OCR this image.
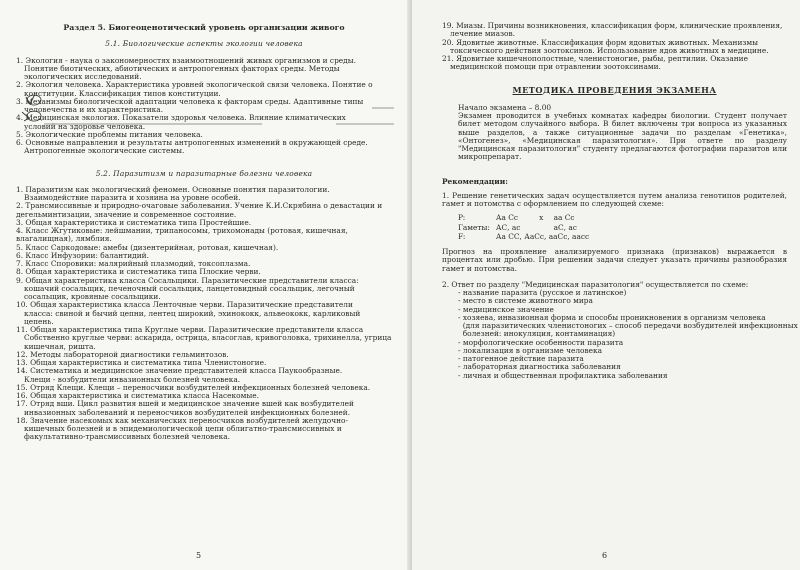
Раздел 5. Биогеоценотический уровень организации живого
5.1. Биологические аспекты экологии человека
1. Экология - наука о закономерностях взаимоотношений живых организмов и среды.
Понятие биотических, абиотических и антропогенных факторах среды. Методы экологических исследований.
2. Экология человека. Характеристика уровней экологической связи человека. Понятие о
конституции. Классификация типов конституции.
3. Механизмы биологической адаптации человека к факторам среды. Адаптивные типы
человечества и их характеристика.
4. Медицинская экология. Показатели здоровья человека. Влияние климатических
условий на здоровье человека.
5. Экологические проблемы питания человека.
6. Основные направления и результаты антропогенных изменений в окружающей среде.
Антропогенные экологические системы.
5.2. Паразитизм и паразитарные болезни человека
1. Паразитизм как экологический феномен. Основные понятия паразитологии.
Взаимодействие паразита и хозяина на уровне особей.
2. Трансмиссивные и природно-очаговые заболевания. Учение К.И.Скрябина о девастации и дегельминтизации, значение и современное состояние.
3. Общая характеристика и систематика типа Простейшие.
4. Класс Жгутиковые: лейшмании, трипаносомы, трихомонады (ротовая, кишечная, влагалищная), лямблия.
5. Класс Саркодовые: амебы (дизентерийная, ротовая, кишечная).
6. Класс Инфузории: балантидий.
7. Класс Споровики: малярийный плазмодий, токсоплазма.
8. Общая характеристика и систематика типа Плоские черви.
9. Общая характеристика класса Сосальщики. Паразитические представители класса:
кошачий сосальщик, печеночный сосальщик, ланцетовидный сосальщик, легочный сосальщик, кровяные сосальщики.
10. Общая характеристика класса Ленточные черви. Паразитические представители
класса: свиной и бычий цепни, лентец широкий, эхинококк, альвеококк, карликовый цепень.
11. Общая характеристика типа Круглые черви. Паразитические представители класса
Собственно круглые черви: аскарида, острица, власоглав, кривоголовка, трихинелла, угрица кишечная, ришта.
12. Методы лабораторной диагностики гельминтозов.
13. Общая характеристика и систематика типа Членистоногие.
14. Систематика и медицинское значение представителей класса Паукообразные.
Клещи - возбудители инвазионных болезней человека.
15. Отряд Клещи. Клещи – переносчики возбудителей инфекционных болезней человека.
16. Общая характеристика и систематика класса Насекомые.
17. Отряд вши. Цикл развития вшей и медицинское значение вшей как возбудителей
инвазионных заболеваний и переносчиков возбудителей инфекционных болезней.
18. Значение насекомых как механических переносчиков возбудителей желудочно-
кишечных болезней и в эпидемиологической цепи облигатно-трансмиссивных и факультативно-трансмиссивных болезней человека.
5
19. Миазы. Причины возникновения, классификация форм, клинические проявления,
лечение миазов.
20. Ядовитые животные. Классификация форм ядовитых животных. Механизмы
токсического действия зоотоксинов. Использование ядов животных в медицине.
21. Ядовитые кишечнополостные, членистоногие, рыбы, рептилии. Оказание
медицинской помощи при отравлении зоотоксинами.
МЕТОДИКА ПРОВЕДЕНИЯ ЭКЗАМЕНА
Начало экзамена – 8.00
Экзамен проводится в учебных комнатах кафедры биологии. Студент получает билет методом случайного выбора. В билет включены три вопроса из указанных выше разделов, а также ситуационные задачи по разделам «Генетика», «Онтогенез», «Медицинская паразитология». При ответе по разделу "Медицинская паразитология" студенту предлагаются фотографии паразитов или микропрепарат.
Рекомендации:
1. Решение генетических задач осуществляется путем анализа генотипов родителей, гамет и потомства с оформлением по следующей схеме:
P:	Аа Сс	x	аа Сс
Гаметы:	АС, ас		аС, ас
F:	Аа СС, АаСс, ааСс, аасс		
Прогноз на проявление анализируемого признака (признаков) выражается в процентах или дробью. При решении задачи следует указать причины разнообразия гамет и потомства.
2. Ответ по разделу "Медицинская паразитология" осуществляется по схеме:
- название паразита (русское и латинское)
- место в системе животного мира
- медицинское значение
- хозяева, инвазионная форма и способы проникновения в организм человека
(для паразитических членистоногих – способ передачи возбудителей инфекционных
болезней: инокуляция, контаминация)
- морфологические особенности паразита
- локализация в организме человека
- патогенное действие паразита
- лабораторная диагностика заболевания
- личная и общественная профилактика заболевания
6
